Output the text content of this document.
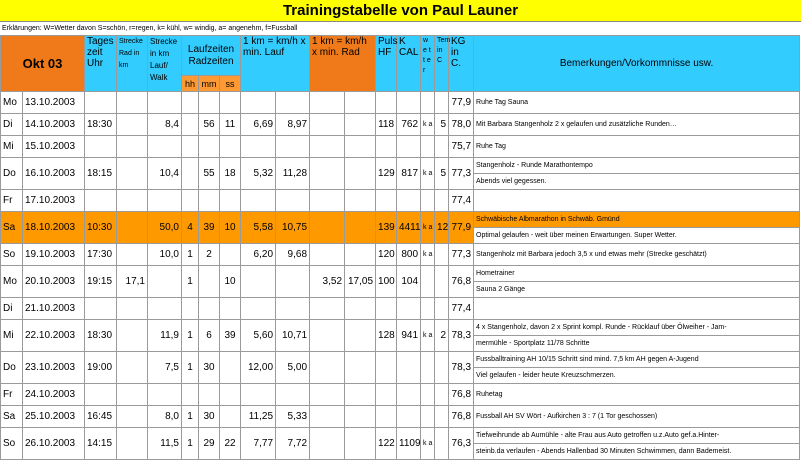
Trainingstabelle von Paul Launer
Erklärungen: W=Wetter davon S=schön, r=regen, k= kühl, w= windig, a= angenehm, f=Fussball
Okt 03		Tages zeit Uhr	Strecke Rad in km	Strecke in km Lauf/ Walk	Laufzeiten Radzeiten			1 km = km/h x min. Lauf		1 km = km/h x min. Rad		Puls HF	K CAL	w e t t e r	Tem in C	KG in C.	Bemerkungen/Vorkommnisse usw.
					hh	mm	ss										
Mo	13.10.2003															77,9	Ruhe Tag Sauna
Di	14.10.2003	18:30		8,4		56	11	6,69	8,97			118	762	k a	5	78,0	Mit Barbara Stangenholz 2 x gelaufen und zusätzliche Runden…
Mi	15.10.2003															75,7	Ruhe Tag
Do	16.10.2003	18:15		10,4		55	18	5,32	11,28			129	817	k a	5	77,3	Stangenholz - Runde Marathontempo
																	Abends viel gegessen.
Fr	17.10.2003															77,4	
Sa	18.10.2003	10:30		50,0	4	39	10	5,58	10,75			139	4411	k a	12	77,9	Schwäbische Albmarathon in Schwäb. Gmünd
																	Optimal gelaufen - weit über meinen Erwartungen. Super Wetter.
So	19.10.2003	17:30		10,0	1	2		6,20	9,68			120	800	k a		77,3	Stangenholz mit Barbara jedoch 3,5 x und etwas mehr (Strecke geschätzt)
Mo	20.10.2003	19:15	17,1		1		10			3,52	17,05	100	104			76,8	Hometrainer
																	Sauna 2 Gänge
Di	21.10.2003															77,4	
Mi	22.10.2003	18:30		11,9	1	6	39	5,60	10,71			128	941	k a	2	78,3	4 x Stangenholz, davon 2 x Sprint kompl. Runde - Rücklauf über Ölweiher - Jam-
																	mermühle - Sportplatz 11/78 Schritte
Do	23.10.2003	19:00		7,5	1	30		12,00	5,00							78,3	Fussballtraining AH 10/15 Schritt sind mind. 7,5 km AH gegen A-Jugend
																	Viel gelaufen - leider heute Kreuzschmerzen.
Fr	24.10.2003															76,8	Ruhetag
Sa	25.10.2003	16:45		8,0	1	30		11,25	5,33							76,8	Fussball AH SV Wört - Aufkirchen 3 : 7 (1 Tor geschossen)
So	26.10.2003	14:15		11,5	1	29	22	7,77	7,72			122	1109	k a		76,3	Tiefweihrunde ab Aumühle - alte Frau aus Auto getroffen u.z.Auto gef.a.Hinter-
																	steinb.da verlaufen - Abends Hallenbad 30 Minuten Schwimmen, dann Bademeist.
